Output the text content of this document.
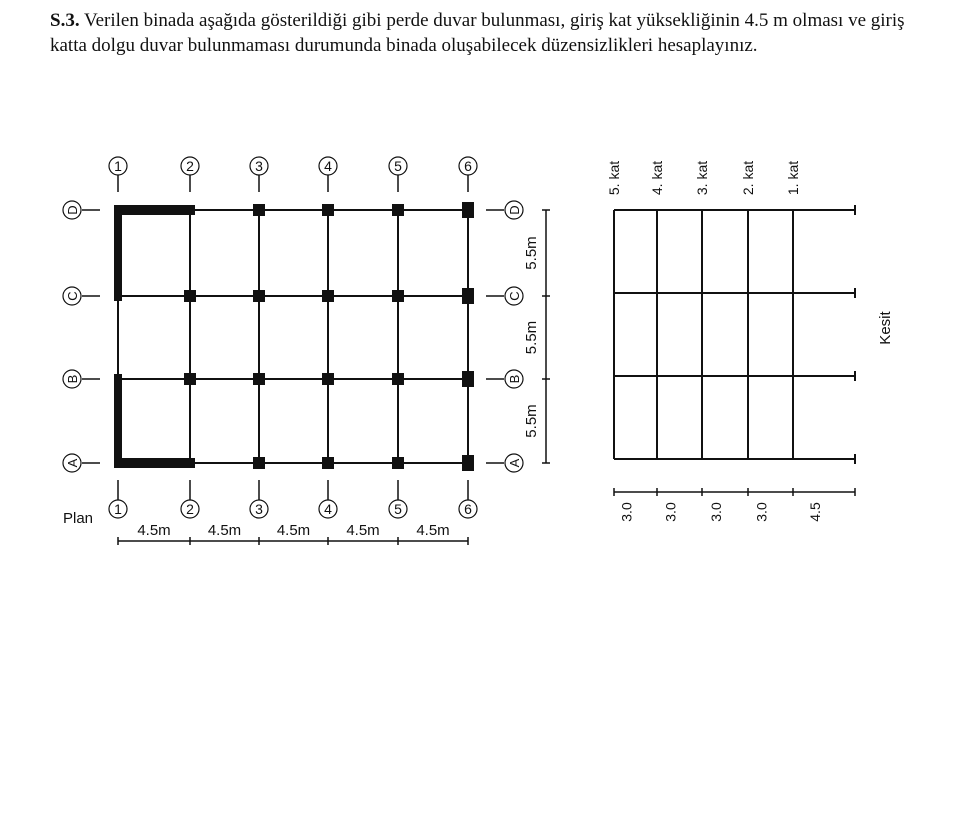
S.3. Verilen binada aşağıda gösterildiği gibi perde duvar bulunması, giriş kat yüksekliğinin 4.5 m olması ve giriş katta dolgu duvar bulunmaması durumunda binada oluşabilecek düzensizlikleri hesaplayınız.
1	2	3	4	5	6
1	2	3	4	5	6
A	A
B	B
C	C
D	D
5.5m
5.5m
5.5m
4.5m 4.5m 4.5m 4.5m 4.5m
Plan
5. kat 4. kat 3. kat 2. kat 1. kat
Kesit
3.0 3.0 3.0 3.0	4.5
